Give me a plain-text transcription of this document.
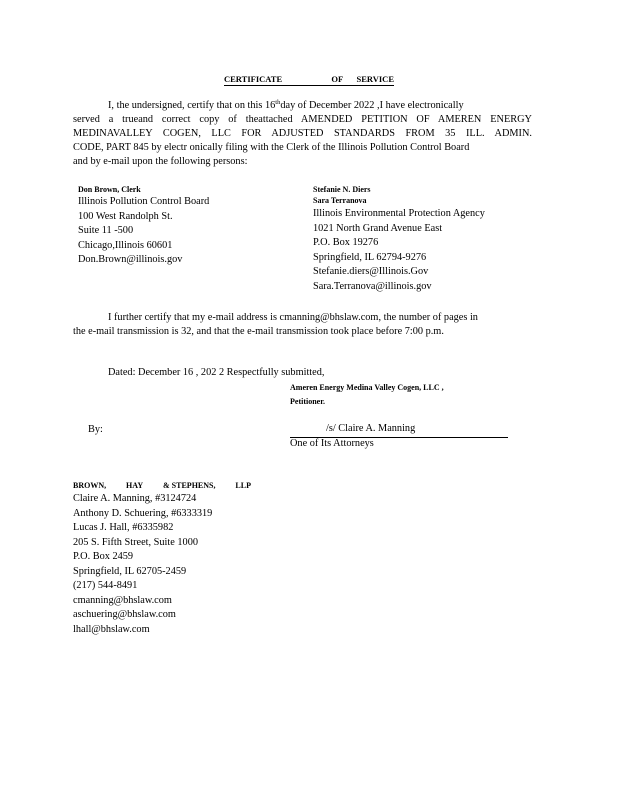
CERTIFICATE	OF SERVICE
I, the undersigned, certify that on this 16thday of December 2022 ,I have electronically
served a trueand correct copy of theattached AMENDED PETITION OF AMEREN ENERGY
MEDINAVALLEY COGEN, LLC FOR ADJUSTED STANDARDS FROM 35 ILL. ADMIN.
CODE, PART 845 by electr onically filing with the Clerk of the Illinois Pollution Control Board
and by e-mail upon the following persons:
Don Brown, Clerk
Illinois Pollution Control Board
100 West Randolph St.
Suite 11 -500
Chicago,Illinois 60601
Don.Brown@illinois.gov
Stefanie N. Diers
Sara Terranova
Illinois Environmental Protection Agency
1021 North Grand Avenue East
P.O. Box 19276
Springfield, IL 62794-9276
Stefanie.diers@Illinois.Gov
Sara.Terranova@illinois.gov
I further certify that my e-mail address is cmanning@bhslaw.com, the number of pages in
the e-mail transmission is 32, and that the e-mail transmission took place before 7:00 p.m.
Dated: December 16 , 202 2 Respectfully submitted,
Ameren Energy Medina Valley Cogen, LLC ,
Petitioner.
By:	/s/ Claire A. Manning
One of Its Attorneys
BROWN, HAY & STEPHENS, LLP
Claire A. Manning, #3124724
Anthony D. Schuering, #6333319
Lucas J. Hall, #6335982
205 S. Fifth Street, Suite 1000
P.O. Box 2459
Springfield, IL 62705-2459
(217) 544-8491
cmanning@bhslaw.com
aschuering@bhslaw.com
lhall@bhslaw.com
